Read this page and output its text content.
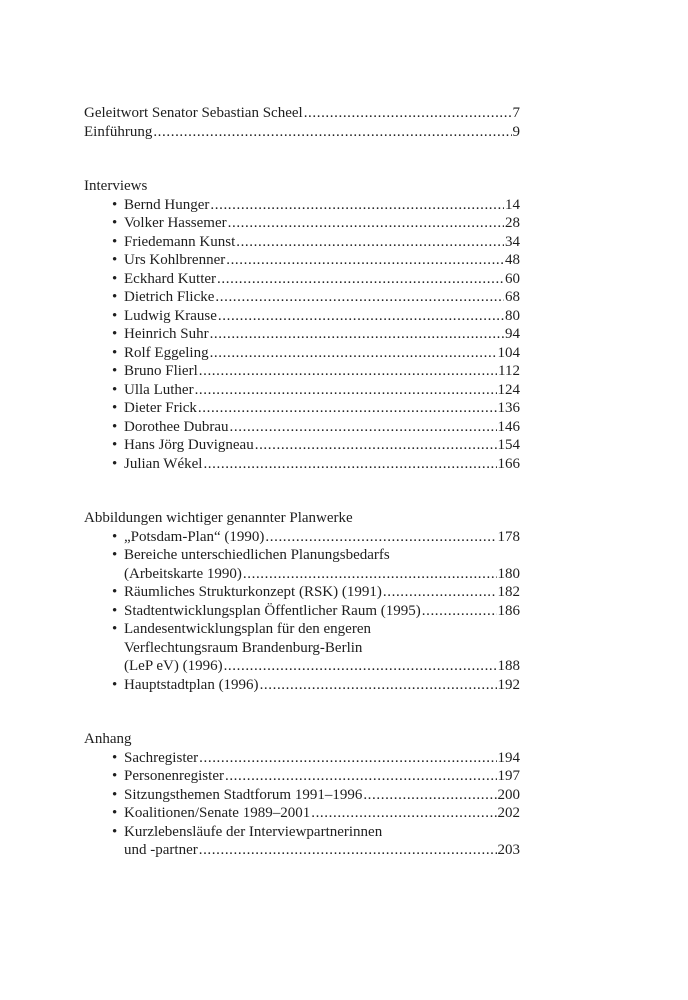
Geleitwort Senator Sebastian Scheel .....	7
Einführung .....	9
Interviews
• Bernd Hunger .....	14
• Volker Hassemer .....	28
• Friedemann Kunst .....	34
• Urs Kohlbrenner .....	48
• Eckhard Kutter .....	60
• Dietrich Flicke .....	68
• Ludwig Krause .....	80
• Heinrich Suhr .....	94
• Rolf Eggeling .....	104
• Bruno Flierl .....	112
• Ulla Luther .....	124
• Dieter Frick .....	136
• Dorothee Dubrau .....	146
• Hans Jörg Duvigneau .....	154
• Julian Wékel .....	166
Abbildungen wichtiger genannter Planwerke
• „Potsdam-Plan“ (1990) .....	178
• Bereiche unterschiedlichen Planungsbedarfs
(Arbeitskarte 1990) .....	180
• Räumliches Strukturkonzept (RSK) (1991) .....	182
• Stadtentwicklungsplan Öffentlicher Raum (1995) .....	186
• Landesentwicklungsplan für den engeren
Verflechtungsraum Brandenburg-Berlin
(LeP eV) (1996) .....	188
• Hauptstadtplan (1996) .....	192
Anhang
• Sachregister .....	194
• Personenregister .....	197
• Sitzungsthemen Stadtforum 1991–1996 .....	200
• Koalitionen/Senate 1989–2001 .....	202
• Kurzlebensläufe der Interviewpartnerinnen
und -partner .....	203
